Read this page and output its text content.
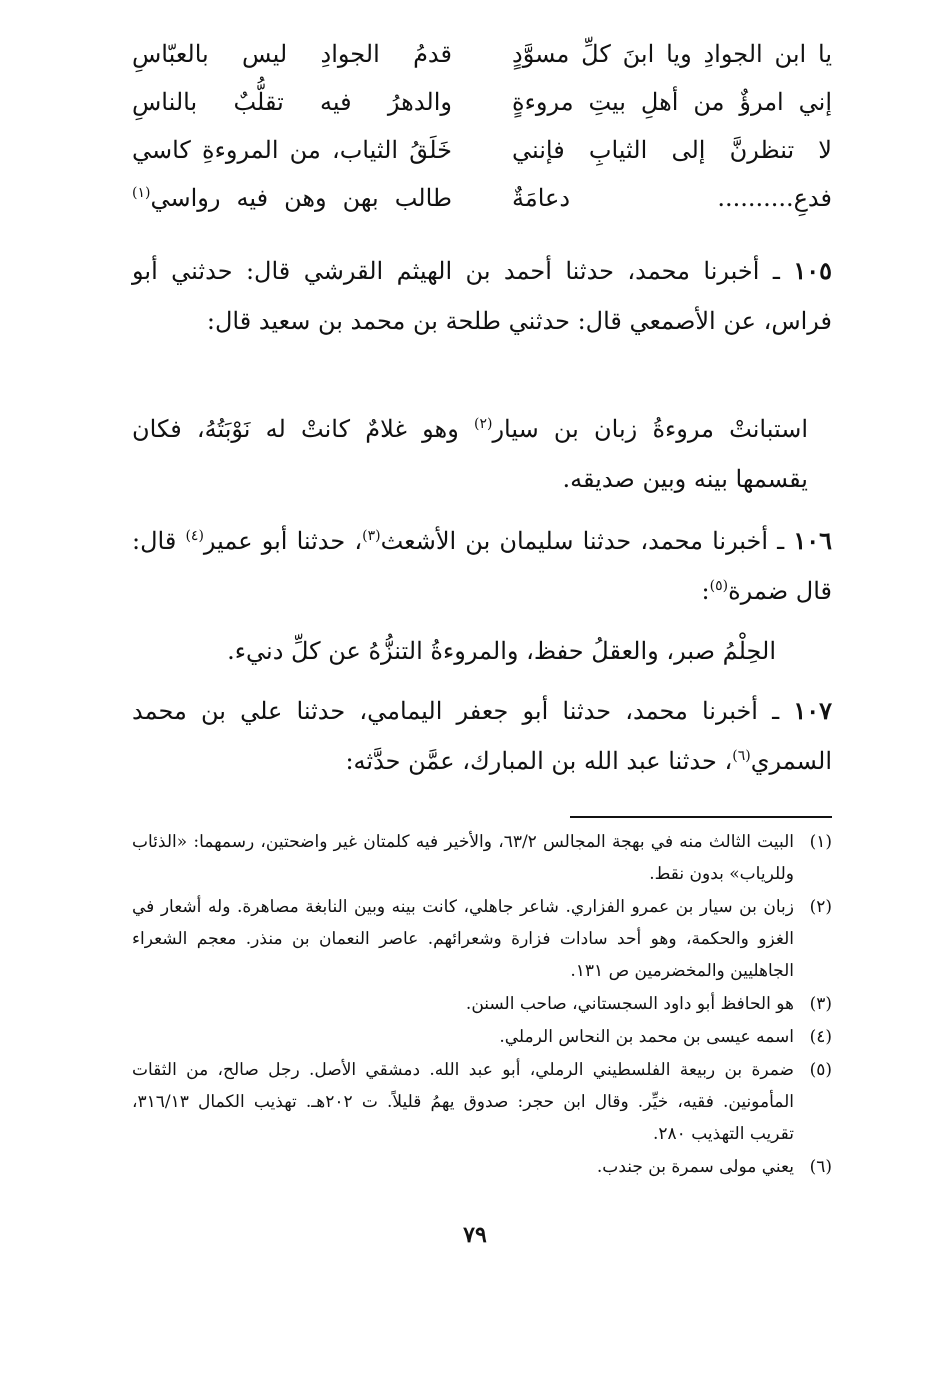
يا ابن الجوادِ ويا ابنَ كلِّ مسوَّدٍ
قدمُ الجوادِ ليس بالعبّاسِ
إني امرؤٌ من أهلِ بيتِ مروءةٍ
والدهرُ فيه تقلُّبٌ بالناسِ
لا تنظرنَّ إلى الثيابِ فإنني
خَلَقُ الثياب، من المروءةِ كاسي
فدعِ.......... دعامَةٌ
طالب بهن وهن فيه رواسي$^{(١)}$
١٠٥ ـ أخبرنا محمد، حدثنا أحمد بن الهيثم القرشي قال: حدثني أبو فراس، عن الأصمعي قال: حدثني طلحة بن محمد بن سعيد قال:
استبانتْ مروءةُ زبان بن سيار$^{(٢)}$ وهو غلامٌ كانتْ له نَوْبَتُهُ، فكان يقسمها بينه وبين صديقه.
١٠٦ ـ أخبرنا محمد، حدثنا سليمان بن الأشعث$^{(٣)}$، حدثنا أبو عمير$^{(٤)}$ قال: قال ضمرة$^{(٥)}$:
الحِلْمُ صبر، والعقلُ حفظ، والمروءةُ التنزُّهُ عن كلِّ دنيء.
١٠٧ ـ أخبرنا محمد، حدثنا أبو جعفر اليمامي، حدثنا علي بن محمد السمري$^{(٦)}$، حدثنا عبد الله بن المبارك، عمَّن حدَّثه:
(١)
البيت الثالث منه في بهجة المجالس ٦٣/٢، والأخير فيه كلمتان غير واضحتين، رسمهما: «الذئاب وللرياب» بدون نقط.
(٢)
زبان بن سيار بن عمرو الفزاري. شاعر جاهلي، كانت بينه وبين النابغة مصاهرة. وله أشعار في الغزو والحكمة، وهو أحد سادات فزارة وشعرائهم. عاصر النعمان بن منذر. معجم الشعراء الجاهليين والمخضرمين ص ١٣١.
(٣)
هو الحافظ أبو داود السجستاني، صاحب السنن.
(٤)
اسمه عيسى بن محمد بن النحاس الرملي.
(٥)
ضمرة بن ربيعة الفلسطيني الرملي، أبو عبد الله. دمشقي الأصل. رجل صالح، من الثقات المأمونين. فقيه، خيِّر. وقال ابن حجر: صدوق يهمُ قليلاً. ت ٢٠٢هـ. تهذيب الكمال ٣١٦/١٣، تقريب التهذيب ٢٨٠.
(٦)
يعني مولى سمرة بن جندب.
٧٩
